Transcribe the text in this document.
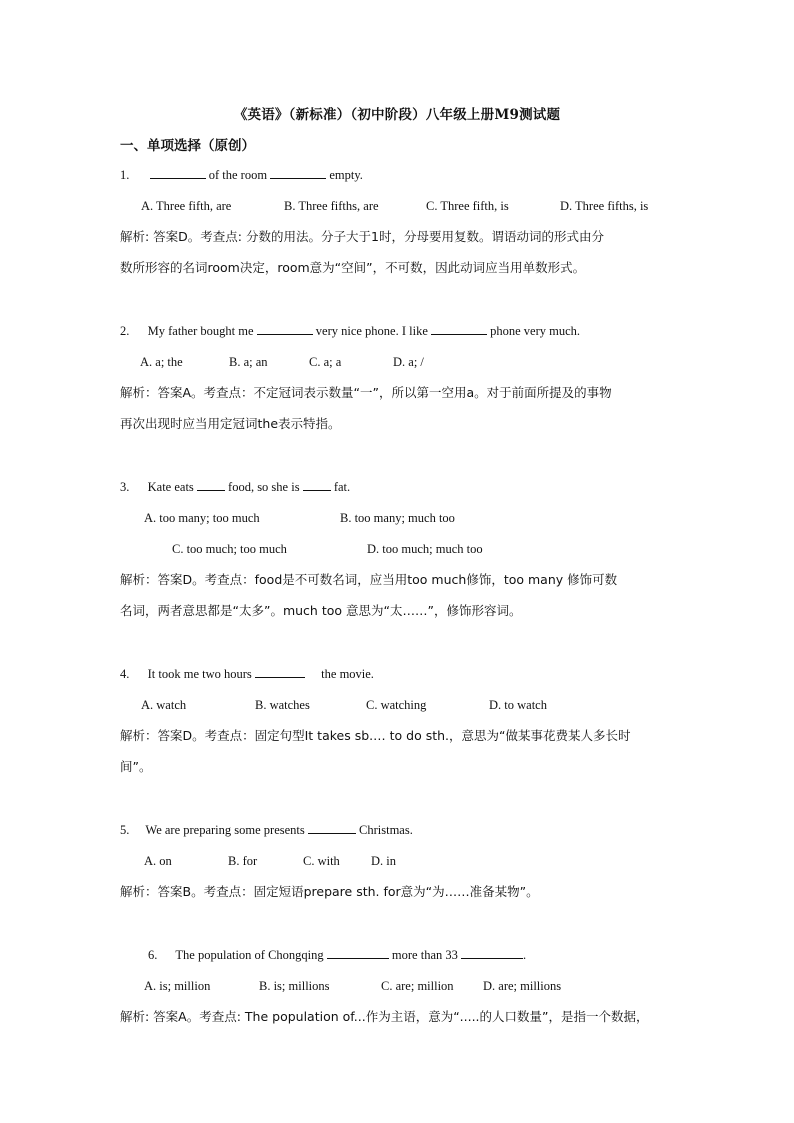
《英语》（新标准）（初中阶段）八年级上册M9测试题
一、单项选择（原创）
1.	of the room	empty.
A. Three fifth, are	B. Three fifths, are	C. Three fifth, is	D. Three fifths, is
解析: 答案D。考查点: 分数的用法。分子大于1时，分母要用复数。谓语动词的形式由分
数所形容的名词room决定，room意为“空间”，不可数，因此动词应当用单数形式。
2. My father bought me	very nice phone. I like	phone very much.
A. a; the	B. a; an	C. a; a	D. a; /
解析：答案A。考查点：不定冠词表示数量“一”，所以第一空用a。对于前面所提及的事物
再次出现时应当用定冠词the表示特指。
3. Kate eats	food, so she is	fat.
A. too many; too much	B. too many; much too
C. too much; too much	D. too much; much too
解析：答案D。考查点：food是不可数名词，应当用too much修饰，too many 修饰可数
名词，两者意思都是“太多”。much too 意思为“太……”，修饰形容词。
4. It took me two hours	the movie.
A. watch	B. watches	C. watching	D. to watch
解析：答案D。考查点：固定句型It takes sb.… to do sth.，意思为“做某事花费某人多长时
间”。
5. We are preparing some presents	Christmas.
A. on	B. for	C. with D. in
解析：答案B。考查点：固定短语prepare sth. for意为“为……准备某物”。
6. The population of Chongqing	more than 33	.
A. is; million	B. is; millions	C. are; million D. are; millions
解析: 答案A。考查点: The population of...作为主语，意为“.....的人口数量”，是指一个数据，
